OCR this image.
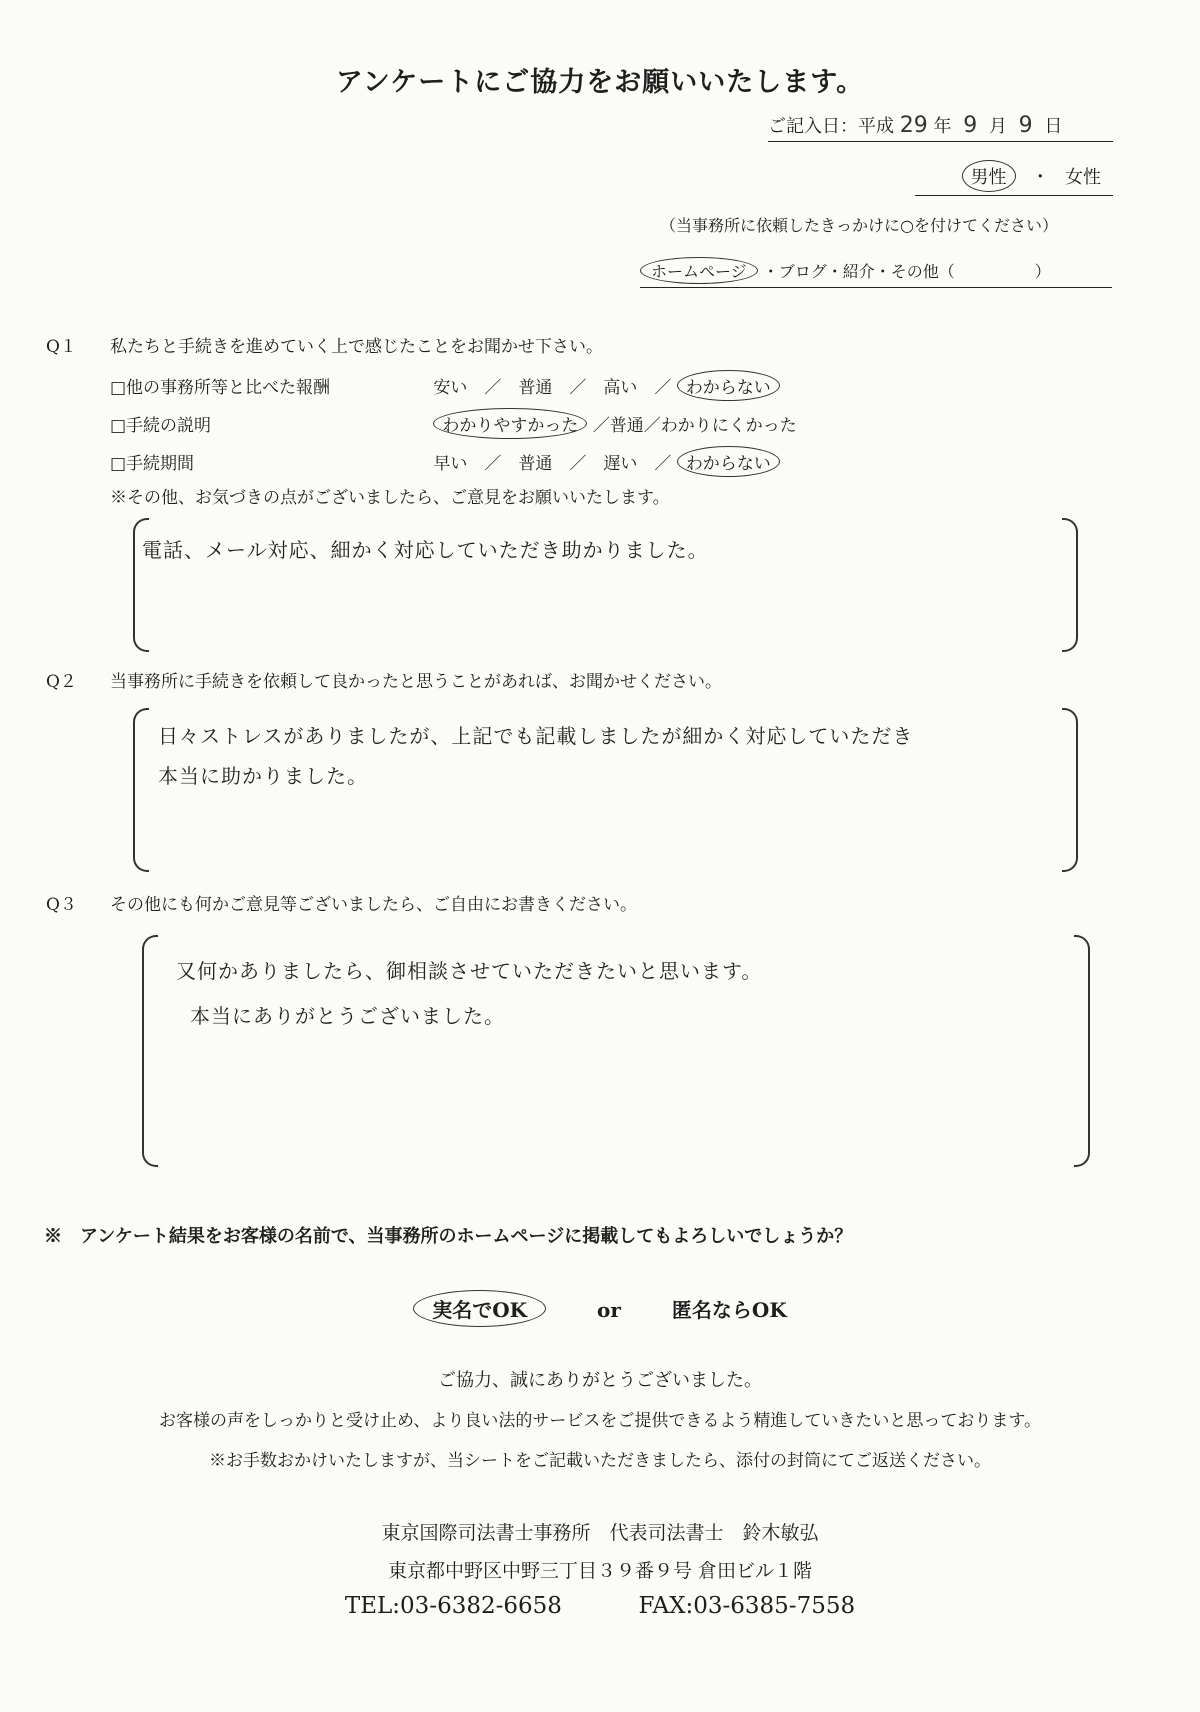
アンケートにご協力をお願いいたします。
ご記入日：平成 29 年 9 月 9 日
男性 ・ 女性
（当事務所に依頼したきっかけに○を付けてください）
ホームページ ・ブログ・紹介・その他（　　　　　）
Q１ 私たちと手続きを進めていく上で感じたことをお聞かせ下さい。
□他の事務所等と比べた報酬	安い　／　普通　／　高い　／ わからない
□手続の説明	わかりやすかった ／普通／わかりにくかった
□手続期間	早い　／　普通　／　遅い　／ わからない
※その他、お気づきの点がございましたら、ご意見をお願いいたします。
電話、メール対応、細かく対応していただき助かりました。
Q２ 当事務所に手続きを依頼して良かったと思うことがあれば、お聞かせください。
日々ストレスがありましたが、上記でも記載しましたが細かく対応していただき
本当に助かりました。
Q３ その他にも何かご意見等ございましたら、ご自由にお書きください。
又何かありましたら、御相談させていただきたいと思います。
本当にありがとうございました。
※　アンケート結果をお客様の名前で、当事務所のホームページに掲載してもよろしいでしょうか？
実名でOK	or	匿名ならOK
ご協力、誠にありがとうございました。
お客様の声をしっかりと受け止め、より良い法的サービスをご提供できるよう精進していきたいと思っております。
※お手数おかけいたしますが、当シートをご記載いただきましたら、添付の封筒にてご返送ください。
東京国際司法書士事務所　代表司法書士　鈴木敏弘
東京都中野区中野三丁目３９番９号 倉田ビル１階
TEL:03-6382-6658	FAX:03-6385-7558
